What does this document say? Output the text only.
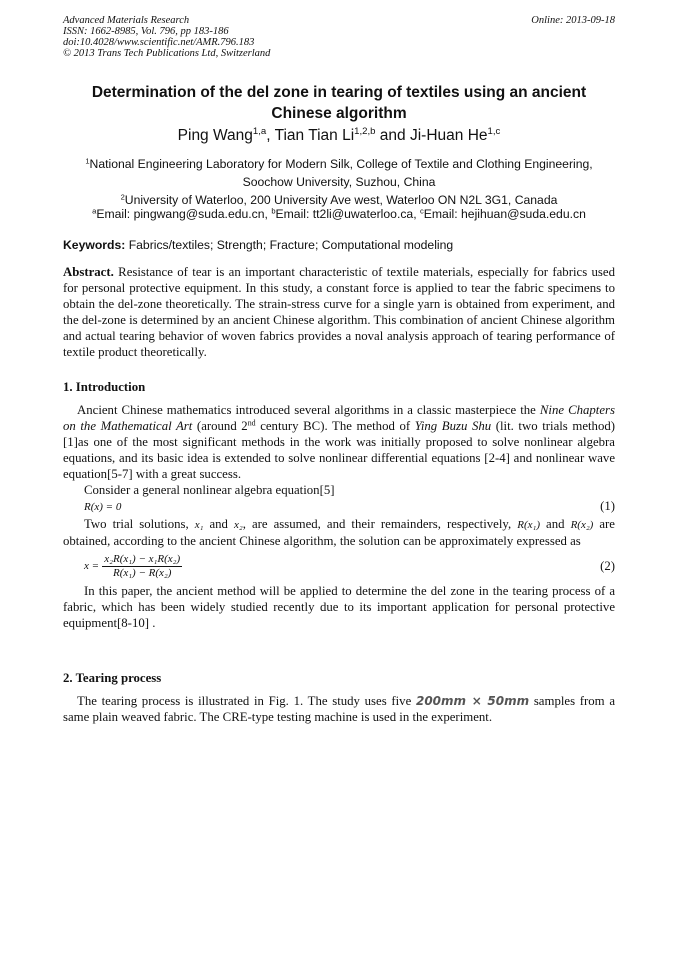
Advanced Materials Research
ISSN: 1662-8985, Vol. 796, pp 183-186
doi:10.4028/www.scientific.net/AMR.796.183
© 2013 Trans Tech Publications Ltd, Switzerland
Online: 2013-09-18
Determination of the del zone in tearing of textiles using an ancient Chinese algorithm
Ping Wang$^{1,a}$, Tian Tian Li$^{1,2,b}$ and Ji-Huan He$^{1,c}$
$^1$National Engineering Laboratory for Modern Silk, College of Textile and Clothing Engineering, Soochow University, Suzhou, China
$^2$University of Waterloo, 200 University Ave west, Waterloo ON N2L 3G1, Canada
$^a$Email: pingwang@suda.edu.cn, $^b$Email: tt2li@uwaterloo.ca, $^c$Email: hejihuan@suda.edu.cn
Keywords: Fabrics/textiles; Strength; Fracture; Computational modeling
Abstract. Resistance of tear is an important characteristic of textile materials, especially for fabrics used for personal protective equipment. In this study, a constant force is applied to tear the fabric specimens to obtain the del-zone theoretically. The strain-stress curve for a single yarn is obtained from experiment, and the del-zone is determined by an ancient Chinese algorithm. This combination of ancient Chinese algorithm and actual tearing behavior of woven fabrics provides a noval analysis approach of tearing performance of textile product theoretically.
1. Introduction
Ancient Chinese mathematics introduced several algorithms in a classic masterpiece the Nine Chapters on the Mathematical Art (around 2nd century BC). The method of Ying Buzu Shu (lit. two trials method)[1]as one of the most significant methods in the work was initially proposed to solve nonlinear algebra equations, and its basic idea is extended to solve nonlinear differential equations [2-4] and nonlinear wave equation[5-7] with a great success.
Consider a general nonlinear algebra equation[5]
R(x) = 0	(1)
Two trial solutions, x₁ and x₂, are assumed, and their remainders, respectively, R(x₁) and R(x₂) are obtained, according to the ancient Chinese algorithm, the solution can be approximately expressed as
$x = \frac{\text{x₂R(x₁) − x₁R(x₂)}}{\text{R(x₁) − R(x₂)}}$	(2)
In this paper, the ancient method will be applied to determine the del zone in the tearing process of a fabric, which has been widely studied recently due to its important application for personal protective equipment[8-10] .
2. Tearing process
The tearing process is illustrated in Fig. 1. The study uses five 200mm × 50mm samples from a same plain weaved fabric. The CRE-type testing machine is used in the experiment.
